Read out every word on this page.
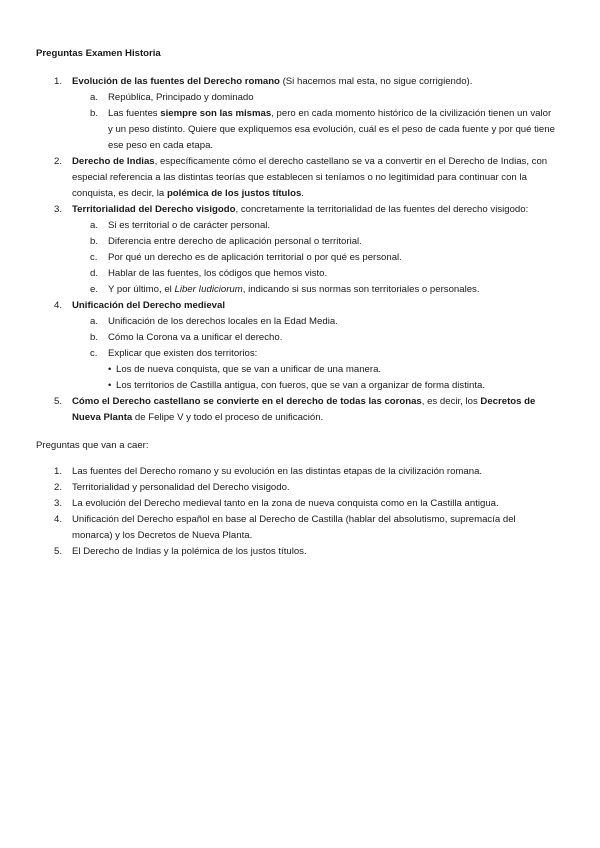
Preguntas Examen Historia
1. Evolución de las fuentes del Derecho romano (Si hacemos mal esta, no sigue corrigiendo).
a. República, Principado y dominado
b. Las fuentes siempre son las mismas, pero en cada momento histórico de la civilización tienen un valor y un peso distinto. Quiere que expliquemos esa evolución, cuál es el peso de cada fuente y por qué tiene ese peso en cada etapa.
2. Derecho de Indias, específicamente cómo el derecho castellano se va a convertir en el Derecho de Indias, con especial referencia a las distintas teorías que establecen si teníamos o no legitimidad para continuar con la conquista, es decir, la polémica de los justos títulos.
3. Territorialidad del Derecho visigodo, concretamente la territorialidad de las fuentes del derecho visigodo:
a. Si es territorial o de carácter personal.
b. Diferencia entre derecho de aplicación personal o territorial.
c. Por qué un derecho es de aplicación territorial o por qué es personal.
d. Hablar de las fuentes, los códigos que hemos visto.
e. Y por último, el Liber Iudiciorum, indicando si sus normas son territoriales o personales.
4. Unificación del Derecho medieval
a. Unificación de los derechos locales en la Edad Media.
b. Cómo la Corona va a unificar el derecho.
c. Explicar que existen dos territorios:
• Los de nueva conquista, que se van a unificar de una manera.
• Los territorios de Castilla antigua, con fueros, que se van a organizar de forma distinta.
5. Cómo el Derecho castellano se convierte en el derecho de todas las coronas, es decir, los Decretos de Nueva Planta de Felipe V y todo el proceso de unificación.
Preguntas que van a caer:
1. Las fuentes del Derecho romano y su evolución en las distintas etapas de la civilización romana.
2. Territorialidad y personalidad del Derecho visigodo.
3. La evolución del Derecho medieval tanto en la zona de nueva conquista como en la Castilla antigua.
4. Unificación del Derecho español en base al Derecho de Castilla (hablar del absolutismo, supremacía del monarca) y los Decretos de Nueva Planta.
5. El Derecho de Indias y la polémica de los justos títulos.
